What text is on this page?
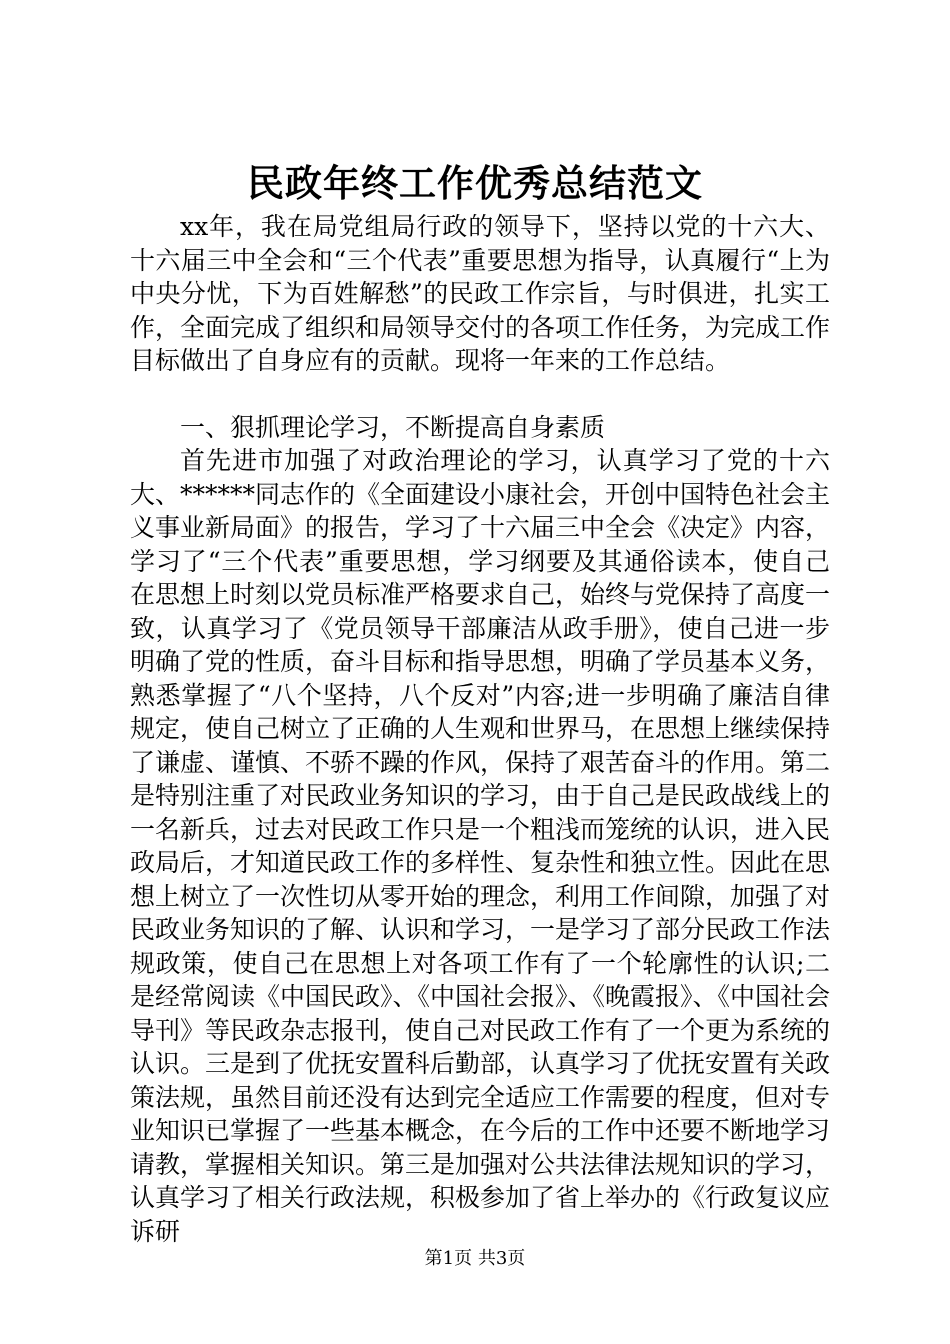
民政年终工作优秀总结范文

xx年，我在局党组局行政的领导下，坚持以党的十六大、十六届三中全会和“三个代表”重要思想为指导，认真履行“上为中央分忧，下为百姓解愁”的民政工作宗旨，与时俱进，扎实工作，全面完成了组织和局领导交付的各项工作任务，为完成工作目标做出了自身应有的贡献。现将一年来的工作总结。

一、狠抓理论学习，不断提高自身素质

首先进市加强了对政治理论的学习，认真学习了党的十六大、******同志作的《全面建设小康社会，开创中国特色社会主义事业新局面》的报告，学习了十六届三中全会《决定》内容，学习了“三个代表”重要思想，学习纲要及其通俗读本，使自己在思想上时刻以党员标准严格要求自己，始终与党保持了高度一致，认真学习了《党员领导干部廉洁从政手册》，使自己进一步明确了党的性质，奋斗目标和指导思想，明确了学员基本义务，熟悉掌握了“八个坚持，八个反对”内容;进一步明确了廉洁自律规定，使自己树立了正确的人生观和世界马，在思想上继续保持了谦虚、谨慎、不骄不躁的作风，保持了艰苦奋斗的作用。第二是特别注重了对民政业务知识的学习，由于自己是民政战线上的一名新兵，过去对民政工作只是一个粗浅而笼统的认识，进入民政局后，才知道民政工作的多样性、复杂性和独立性。因此在思想上树立了一次性切从零开始的理念，利用工作间隙，加强了对民政业务知识的了解、认识和学习，一是学习了部分民政工作法规政策，使自己在思想上对各项工作有了一个轮廓性的认识;二是经常阅读《中国民政》、《中国社会报》、《晚霞报》、《中国社会导刊》等民政杂志报刊，使自己对民政工作有了一个更为系统的认识。三是到了优抚安置科后勤部，认真学习了优抚安置有关政策法规，虽然目前还没有达到完全适应工作需要的程度，但对专业知识已掌握了一些基本概念，在今后的工作中还要不断地学习请教，掌握相关知识。第三是加强对公共法律法规知识的学习，认真学习了相关行政法规，积极参加了省上举办的《行政复议应诉研

第1页 共3页
